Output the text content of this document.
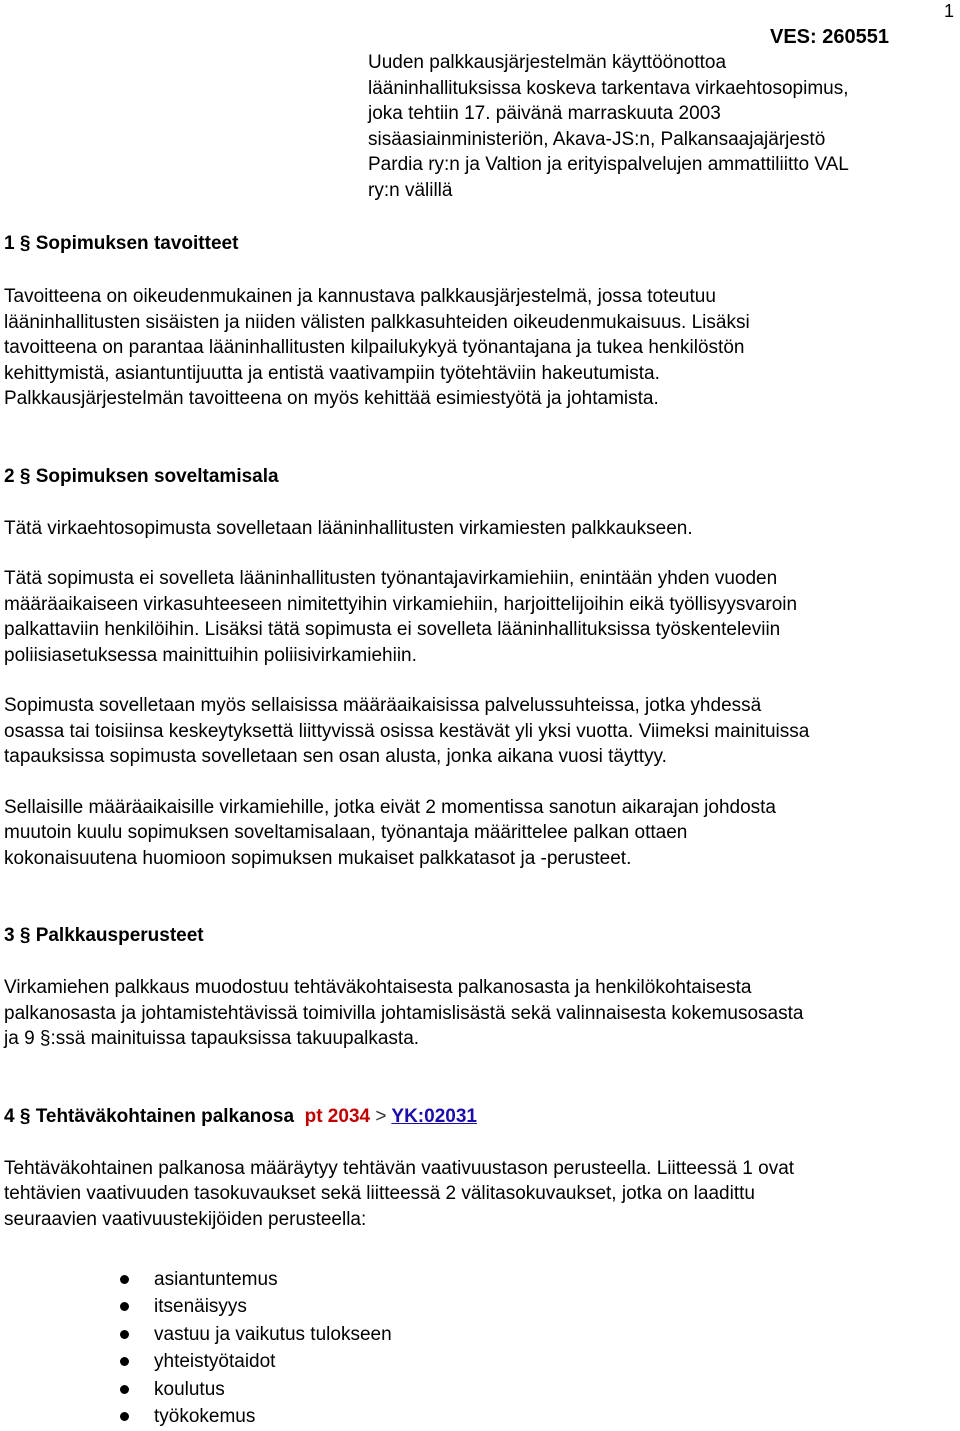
1
VES: 260551
Uuden palkkausjärjestelmän käyttöönottoa
lääninhallituksissa koskeva tarkentava virkaehtosopimus,
joka tehtiin 17. päivänä marraskuuta 2003
sisäasiainministeriön, Akava-JS:n, Palkansaajajärjestö
Pardia ry:n ja Valtion ja erityispalvelujen ammattiliitto VAL
ry:n välillä
1 § Sopimuksen tavoitteet
Tavoitteena on oikeudenmukainen ja kannustava palkkausjärjestelmä, jossa toteutuu
lääninhallitusten sisäisten ja niiden välisten palkkasuhteiden oikeudenmukaisuus. Lisäksi
tavoitteena on parantaa lääninhallitusten kilpailukykyä työnantajana ja tukea henkilöstön
kehittymistä, asiantuntijuutta ja entistä vaativampiin työtehtäviin hakeutumista.
Palkkausjärjestelmän tavoitteena on myös kehittää esimiestyötä ja johtamista.
2 § Sopimuksen soveltamisala
Tätä virkaehtosopimusta sovelletaan lääninhallitusten virkamiesten palkkaukseen.
Tätä sopimusta ei sovelleta lääninhallitusten työnantajavirkamiehiin, enintään yhden vuoden
määräaikaiseen virkasuhteeseen nimitettyihin virkamiehiin, harjoittelijoihin eikä työllisyysvaroin
palkattaviin henkilöihin. Lisäksi tätä sopimusta ei sovelleta lääninhallituksissa työskenteleviin
poliisiasetuksessa mainittuihin poliisivirkamiehiin.
Sopimusta sovelletaan myös sellaisissa määräaikaisissa palvelussuhteissa, jotka yhdessä
osassa tai toisiinsa keskeytyksettä liittyvissä osissa kestävät yli yksi vuotta. Viimeksi mainituissa
tapauksissa sopimusta sovelletaan sen osan alusta, jonka aikana vuosi täyttyy.
Sellaisille määräaikaisille virkamiehille, jotka eivät 2 momentissa sanotun aikarajan johdosta
muutoin kuulu sopimuksen soveltamisalaan, työnantaja määrittelee palkan ottaen
kokonaisuutena huomioon sopimuksen mukaiset palkkatasot ja -perusteet.
3 § Palkkausperusteet
Virkamiehen palkkaus muodostuu tehtäväkohtaisesta palkanosasta ja henkilökohtaisesta
palkanosasta ja johtamistehtävissä toimivilla johtamislisästä sekä valinnaisesta kokemusosasta
ja 9 §:ssä mainituissa tapauksissa takuupalkasta.
4 § Tehtäväkohtainen palkanosa pt 2034 > YK:02031
Tehtäväkohtainen palkanosa määräytyy tehtävän vaativuustason perusteella. Liitteessä 1 ovat
tehtävien vaativuuden tasokuvaukset sekä liitteessä 2 välitasokuvaukset, jotka on laadittu
seuraavien vaativuustekijöiden perusteella:
asiantuntemus
itsenäisyys
vastuu ja vaikutus tulokseen
yhteistyötaidot
koulutus
työkokemus
